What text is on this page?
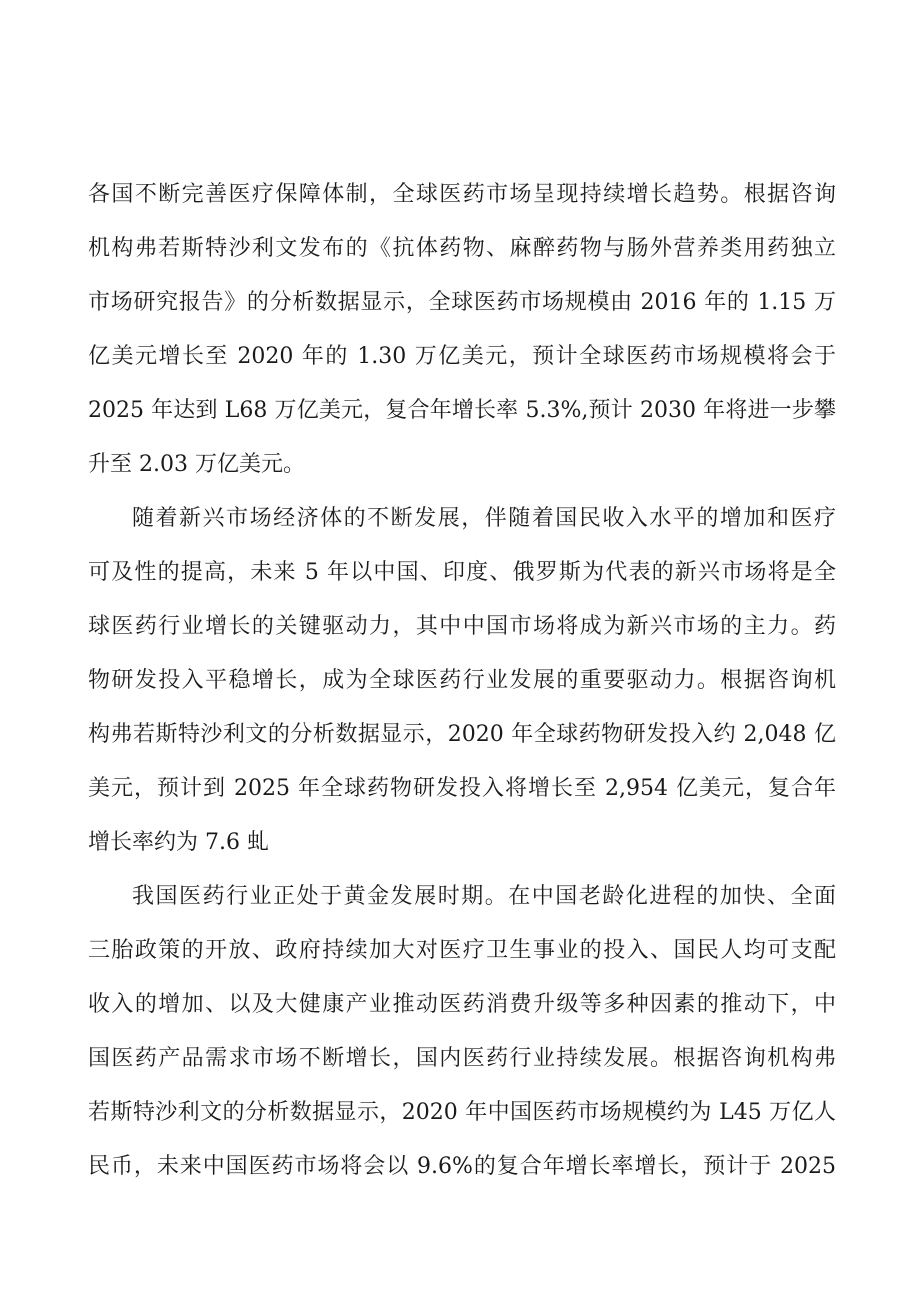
各国不断完善医疗保障体制，全球医药市场呈现持续增长趋势。根据咨询
机构弗若斯特沙利文发布的《抗体药物、麻醉药物与肠外营养类用药独立
市场研究报告》的分析数据显示，全球医药市场规模由 2016 年的 1.15 万
亿美元增长至 2020 年的 1.30 万亿美元，预计全球医药市场规模将会于
2025 年达到 L68 万亿美元，复合年增长率 5.3%,预计 2030 年将进一步攀
升至 2.03 万亿美元。
随着新兴市场经济体的不断发展，伴随着国民收入水平的增加和医疗
可及性的提高，未来 5 年以中国、印度、俄罗斯为代表的新兴市场将是全
球医药行业增长的关键驱动力，其中中国市场将成为新兴市场的主力。药
物研发投入平稳增长，成为全球医药行业发展的重要驱动力。根据咨询机
构弗若斯特沙利文的分析数据显示，2020 年全球药物研发投入约 2,048 亿
美元，预计到 2025 年全球药物研发投入将增长至 2,954 亿美元，复合年
增长率约为 7.6 虬
我国医药行业正处于黄金发展时期。在中国老龄化进程的加快、全面
三胎政策的开放、政府持续加大对医疗卫生事业的投入、国民人均可支配
收入的增加、以及大健康产业推动医药消费升级等多种因素的推动下，中
国医药产品需求市场不断增长，国内医药行业持续发展。根据咨询机构弗
若斯特沙利文的分析数据显示，2020 年中国医药市场规模约为 L45 万亿人
民币，未来中国医药市场将会以 9.6%的复合年增长率增长，预计于 2025
